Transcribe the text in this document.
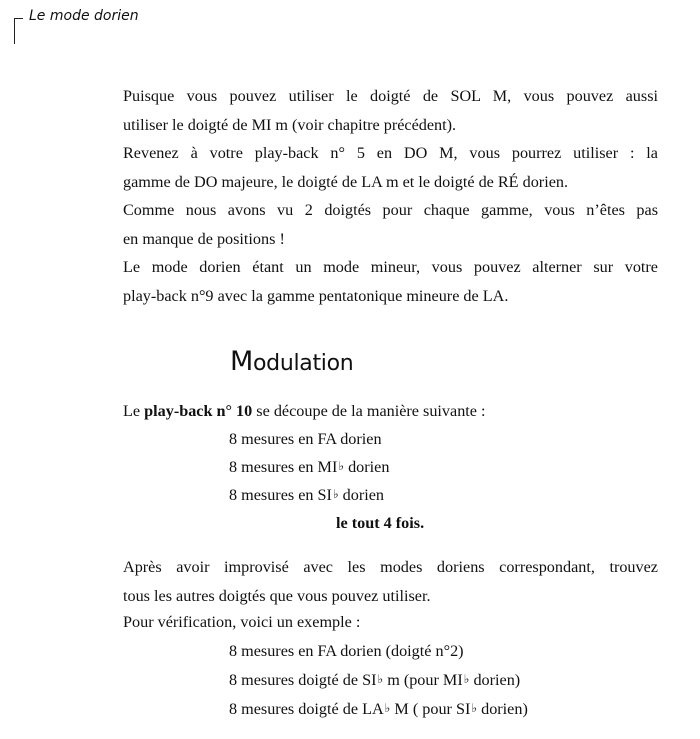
Le mode dorien
Puisque vous pouvez utiliser le doigté de SOL M, vous pouvez aussi
utiliser le doigté de MI m (voir chapitre précédent).
Revenez à votre play-back n° 5 en DO M, vous pourrez utiliser : la
gamme de DO majeure, le doigté de LA m et le doigté de RÉ dorien.
Comme nous avons vu 2 doigtés pour chaque gamme, vous n’êtes pas
en manque de positions !
Le mode dorien étant un mode mineur, vous pouvez alterner sur votre
play-back n°9 avec la gamme pentatonique mineure de LA.
Modulation
Le play-back n° 10 se découpe de la manière suivante :
8 mesures en FA dorien
8 mesures en MI♭ dorien
8 mesures en SI♭ dorien
le tout 4 fois.
Après avoir improvisé avec les modes doriens correspondant, trouvez
tous les autres doigtés que vous pouvez utiliser.
Pour vérification, voici un exemple :
8 mesures en FA dorien (doigté n°2)
8 mesures doigté de SI♭ m (pour MI♭ dorien)
8 mesures doigté de LA♭ M ( pour SI♭ dorien)
